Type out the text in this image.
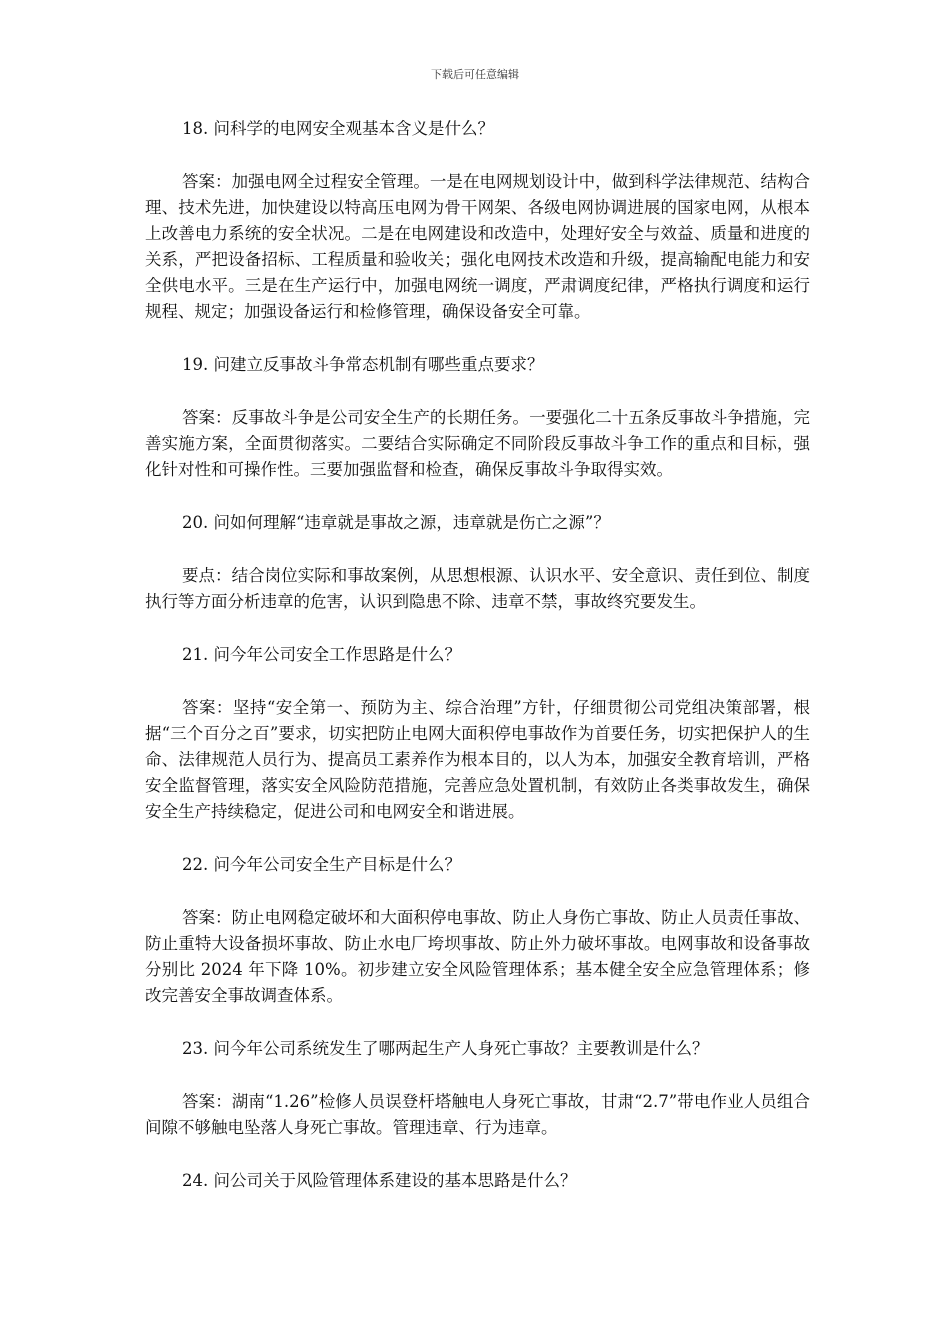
下载后可任意编辑

18. 问科学的电网安全观基本含义是什么？

答案：加强电网全过程安全管理。一是在电网规划设计中，做到科学法律规范、结构合理、技术先进，加快建设以特高压电网为骨干网架、各级电网协调进展的国家电网，从根本上改善电力系统的安全状况。二是在电网建设和改造中，处理好安全与效益、质量和进度的关系，严把设备招标、工程质量和验收关；强化电网技术改造和升级，提高输配电能力和安全供电水平。三是在生产运行中，加强电网统一调度，严肃调度纪律，严格执行调度和运行规程、规定；加强设备运行和检修管理，确保设备安全可靠。

19. 问建立反事故斗争常态机制有哪些重点要求？

答案：反事故斗争是公司安全生产的长期任务。一要强化二十五条反事故斗争措施，完善实施方案，全面贯彻落实。二要结合实际确定不同阶段反事故斗争工作的重点和目标，强化针对性和可操作性。三要加强监督和检查，确保反事故斗争取得实效。

20. 问如何理解“违章就是事故之源，违章就是伤亡之源”？

要点：结合岗位实际和事故案例，从思想根源、认识水平、安全意识、责任到位、制度执行等方面分析违章的危害，认识到隐患不除、违章不禁，事故终究要发生。

21. 问今年公司安全工作思路是什么？

答案：坚持“安全第一、预防为主、综合治理”方针，仔细贯彻公司党组决策部署，根据“三个百分之百”要求，切实把防止电网大面积停电事故作为首要任务，切实把保护人的生命、法律规范人员行为、提高员工素养作为根本目的，以人为本，加强安全教育培训，严格安全监督管理，落实安全风险防范措施，完善应急处置机制，有效防止各类事故发生，确保安全生产持续稳定，促进公司和电网安全和谐进展。

22. 问今年公司安全生产目标是什么？

答案：防止电网稳定破坏和大面积停电事故、防止人身伤亡事故、防止人员责任事故、防止重特大设备损坏事故、防止水电厂垮坝事故、防止外力破坏事故。电网事故和设备事故分别比 2024 年下降 10%。初步建立安全风险管理体系；基本健全安全应急管理体系；修改完善安全事故调查体系。

23. 问今年公司系统发生了哪两起生产人身死亡事故？主要教训是什么？

答案：湖南“1.26”检修人员误登杆塔触电人身死亡事故，甘肃“2.7”带电作业人员组合间隙不够触电坠落人身死亡事故。管理违章、行为违章。

24. 问公司关于风险管理体系建设的基本思路是什么？
